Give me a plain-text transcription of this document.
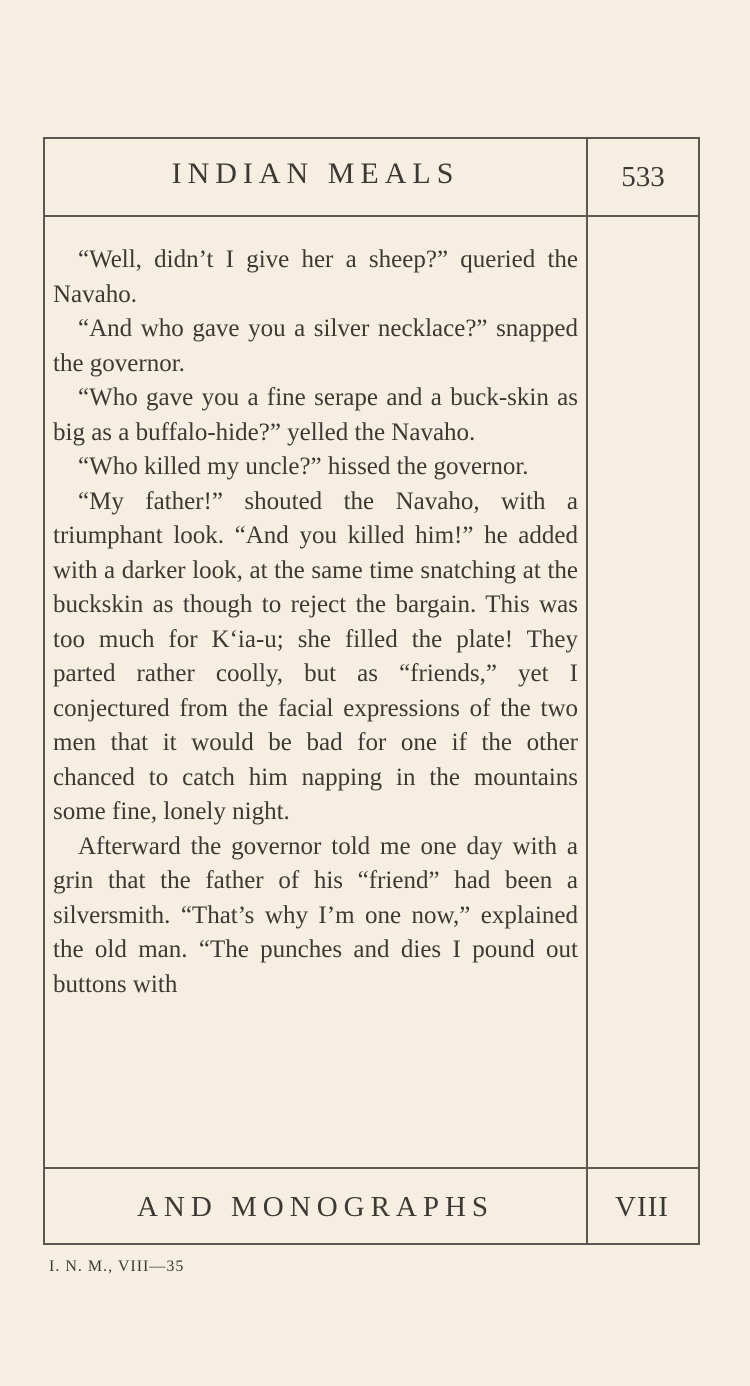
INDIAN MEALS	533

“Well, didn’t I give her a sheep?” queried the Navaho.

“And who gave you a silver necklace?” snapped the governor.

“Who gave you a fine serape and a buck-skin as big as a buffalo-hide?” yelled the Navaho.

“Who killed my uncle?” hissed the governor.

“My father!” shouted the Navaho, with a triumphant look. “And you killed him!” he added with a darker look, at the same time snatching at the buckskin as though to reject the bargain. This was too much for K‘ia-u; she filled the plate! They parted rather coolly, but as “friends,” yet I conjectured from the facial expressions of the two men that it would be bad for one if the other chanced to catch him napping in the mountains some fine, lonely night.

Afterward the governor told me one day with a grin that the father of his “friend” had been a silversmith. “That’s why I’m one now,” explained the old man. “The punches and dies I pound out buttons with

AND MONOGRAPHS	VIII
I. N. M., VIII—35
